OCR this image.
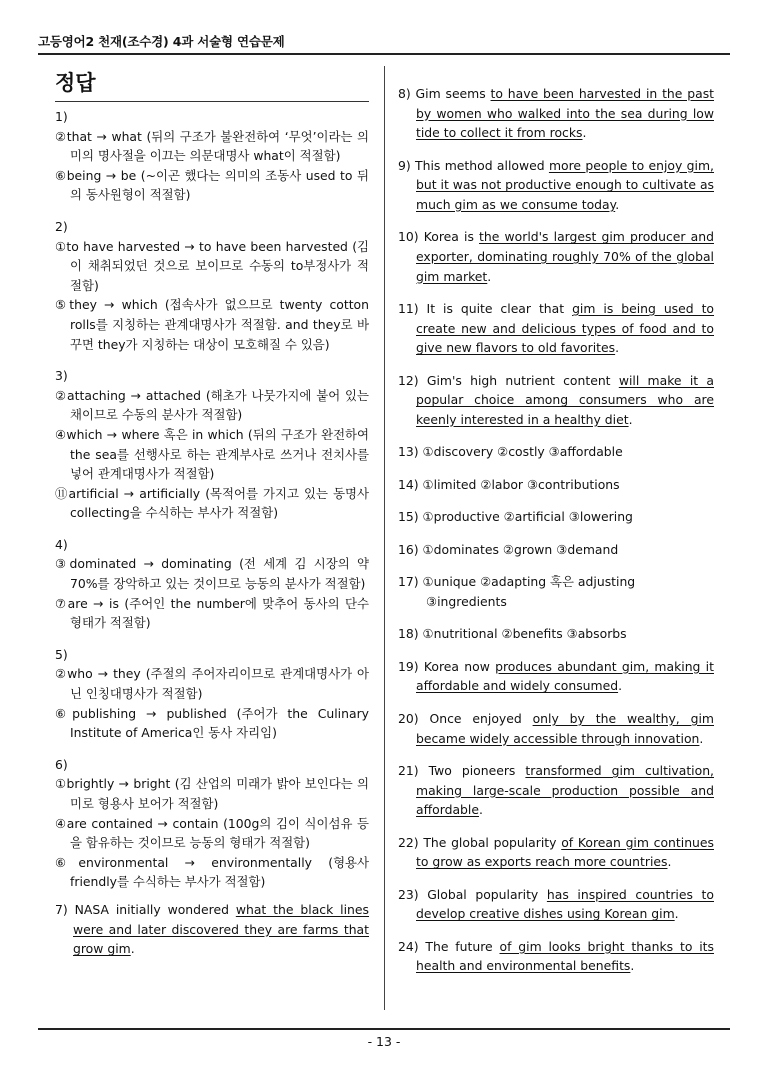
고등영어2 천재(조수경) 4과 서술형 연습문제
정답
1)
②that → what (뒤의 구조가 불완전하여 ‘무엇’이라는 의미의 명사절을 이끄는 의문대명사 what이 적절함)
⑥being → be (~이곤 했다는 의미의 조동사 used to 뒤의 동사원형이 적절함)
2)
①to have harvested → to have been harvested (김이 채취되었던 것으로 보이므로 수동의 to부정사가 적절함)
⑤they → which (접속사가 없으므로 twenty cotton rolls를 지칭하는 관계대명사가 적절함. and they로 바꾸면 they가 지칭하는 대상이 모호해질 수 있음)
3)
②attaching → attached (해초가 나뭇가지에 붙어 있는 채이므로 수동의 분사가 적절함)
④which → where 혹은 in which (뒤의 구조가 완전하여 the sea를 선행사로 하는 관계부사로 쓰거나 전치사를 넣어 관계대명사가 적절함)
⑪artificial → artificially (목적어를 가지고 있는 동명사 collecting을 수식하는 부사가 적절함)
4)
③dominated → dominating (전 세계 김 시장의 약 70%를 장악하고 있는 것이므로 능동의 분사가 적절함)
⑦are → is (주어인 the number에 맞추어 동사의 단수 형태가 적절함)
5)
②who → they (주절의 주어자리이므로 관계대명사가 아닌 인칭대명사가 적절함)
⑥publishing → published (주어가 the Culinary Institute of America인 동사 자리임)
6)
①brightly → bright (김 산업의 미래가 밝아 보인다는 의미로 형용사 보어가 적절함)
④are contained → contain (100g의 김이 식이섬유 등을 함유하는 것이므로 능동의 형태가 적절함)
⑥environmental → environmentally (형용사 friendly를 수식하는 부사가 적절함)
7) NASA initially wondered what the black lines were and later discovered they are farms that grow gim.
8) Gim seems to have been harvested in the past by women who walked into the sea during low tide to collect it from rocks.
9) This method allowed more people to enjoy gim, but it was not productive enough to cultivate as much gim as we consume today.
10) Korea is the world's largest gim producer and exporter, dominating roughly 70% of the global gim market.
11) It is quite clear that gim is being used to create new and delicious types of food and to give new flavors to old favorites.
12) Gim's high nutrient content will make it a popular choice among consumers who are keenly interested in a healthy diet.
13) ①discovery ②costly ③affordable
14) ①limited ②labor ③contributions
15) ①productive ②artificial ③lowering
16) ①dominates ②grown ③demand
17) ①unique ②adapting 혹은 adjusting
③ingredients
18) ①nutritional ②benefits ③absorbs
19) Korea now produces abundant gim, making it affordable and widely consumed.
20) Once enjoyed only by the wealthy, gim became widely accessible through innovation.
21) Two pioneers transformed gim cultivation, making large-scale production possible and affordable.
22) The global popularity of Korean gim continues to grow as exports reach more countries.
23) Global popularity has inspired countries to develop creative dishes using Korean gim.
24) The future of gim looks bright thanks to its health and environmental benefits.
- 13 -
